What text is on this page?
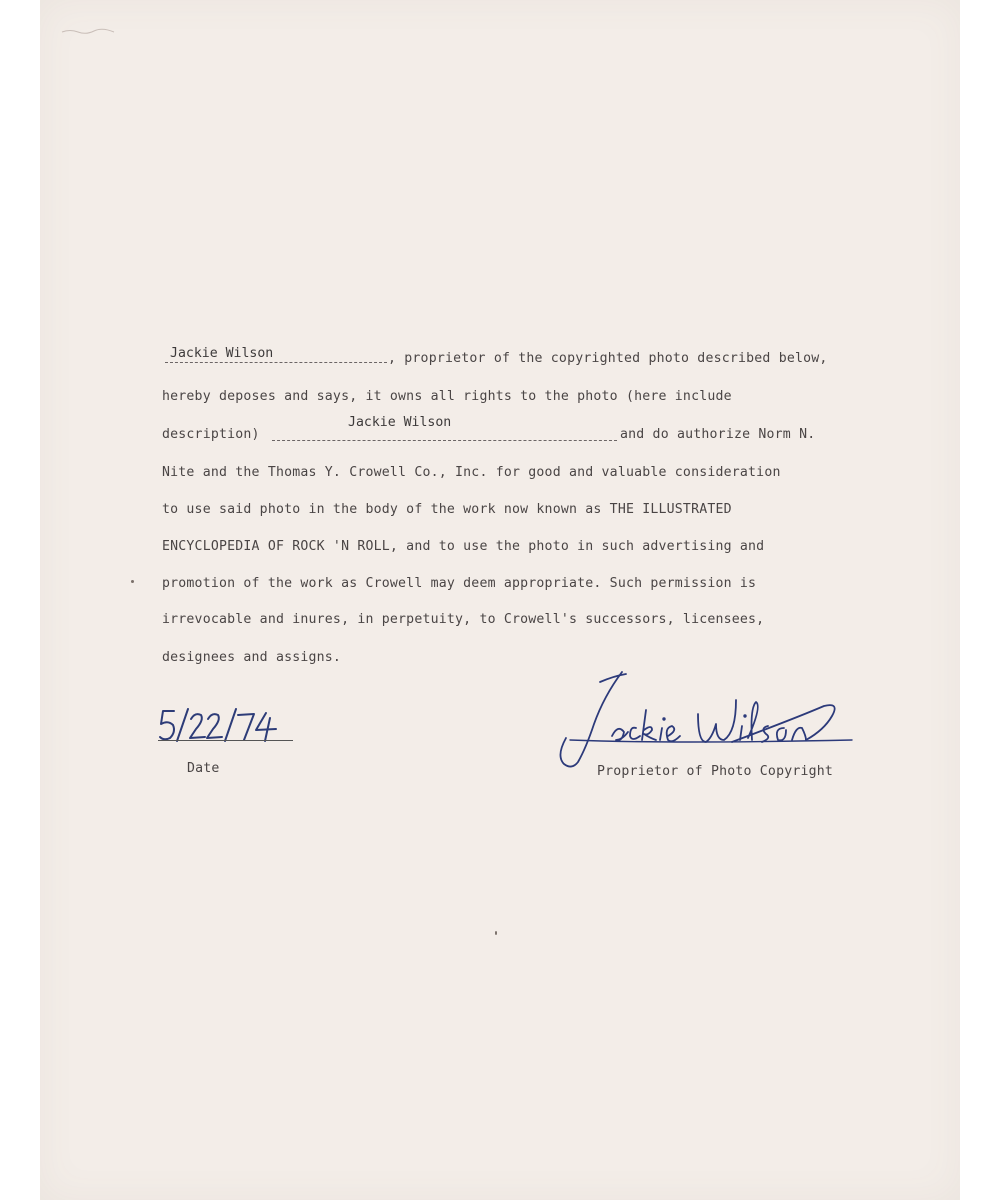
Jackie Wilson	, proprietor of the copyrighted photo described below,
hereby deposes and says, it owns all rights to the photo (here include
description)
Jackie Wilson
and do authorize Norm N.
Nite and the Thomas Y. Crowell Co., Inc. for good and valuable consideration
to use said photo in the body of the work now known as THE ILLUSTRATED
ENCYCLOPEDIA OF ROCK 'N ROLL, and to use the photo in such advertising and
promotion of the work as Crowell may deem appropriate. Such permission is
irrevocable and inures, in perpetuity, to Crowell's successors, licensees,
designees and assigns.
Date	Proprietor of Photo Copyright
